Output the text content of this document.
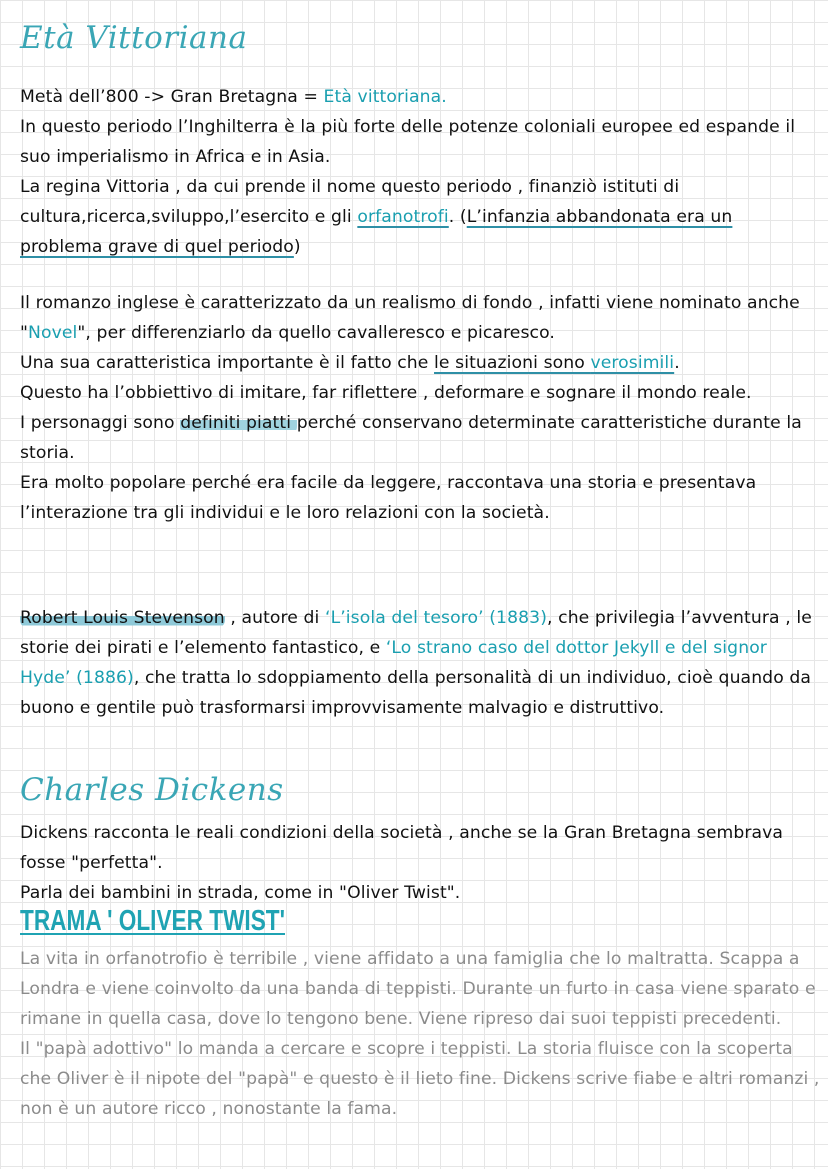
Età Vittoriana

Metà dell’800 -> Gran Bretagna = Età vittoriana.
In questo periodo l’Inghilterra è la più forte delle potenze coloniali europee ed espande il suo imperialismo in Africa e in Asia.
La regina Vittoria , da cui prende il nome questo periodo , finanziò istituti di cultura,ricerca,sviluppo,l’esercito e gli orfanotrofi. (L’infanzia abbandonata era un problema grave di quel periodo)

Il romanzo inglese è caratterizzato da un realismo di fondo , infatti viene nominato anche "Novel", per differenziarlo da quello cavalleresco e picaresco.
Una sua caratteristica importante è il fatto che le situazioni sono verosimili.
Questo ha l’obbiettivo di imitare, far riflettere , deformare e sognare il mondo reale.
I personaggi sono definiti piatti perché conservano determinate caratteristiche durante la storia.
Era molto popolare perché era facile da leggere, raccontava una storia e presentava l’interazione tra gli individui e le loro relazioni con la società.

Robert Louis Stevenson , autore di ‘L’isola del tesoro’ (1883), che privilegia l’avventura , le storie dei pirati e l’elemento fantastico, e ‘Lo strano caso del dottor Jekyll e del signor Hyde’ (1886), che tratta lo sdoppiamento della personalità di un individuo, cioè quando da buono e gentile può trasformarsi improvvisamente malvagio e distruttivo.

Charles Dickens

Dickens racconta le reali condizioni della società , anche se la Gran Bretagna sembrava fosse "perfetta".
Parla dei bambini in strada, come in "Oliver Twist".

TRAMA ' OLIVER TWIST'

La vita in orfanotrofio è terribile , viene affidato a una famiglia che lo maltratta. Scappa a Londra e viene coinvolto da una banda di teppisti. Durante un furto in casa viene sparato e rimane in quella casa, dove lo tengono bene. Viene ripreso dai suoi teppisti precedenti.
Il "papà adottivo" lo manda a cercare e scopre i teppisti. La storia fluisce con la scoperta che Oliver è il nipote del "papà" e questo è il lieto fine. Dickens scrive fiabe e altri romanzi , non è un autore ricco , nonostante la fama.
